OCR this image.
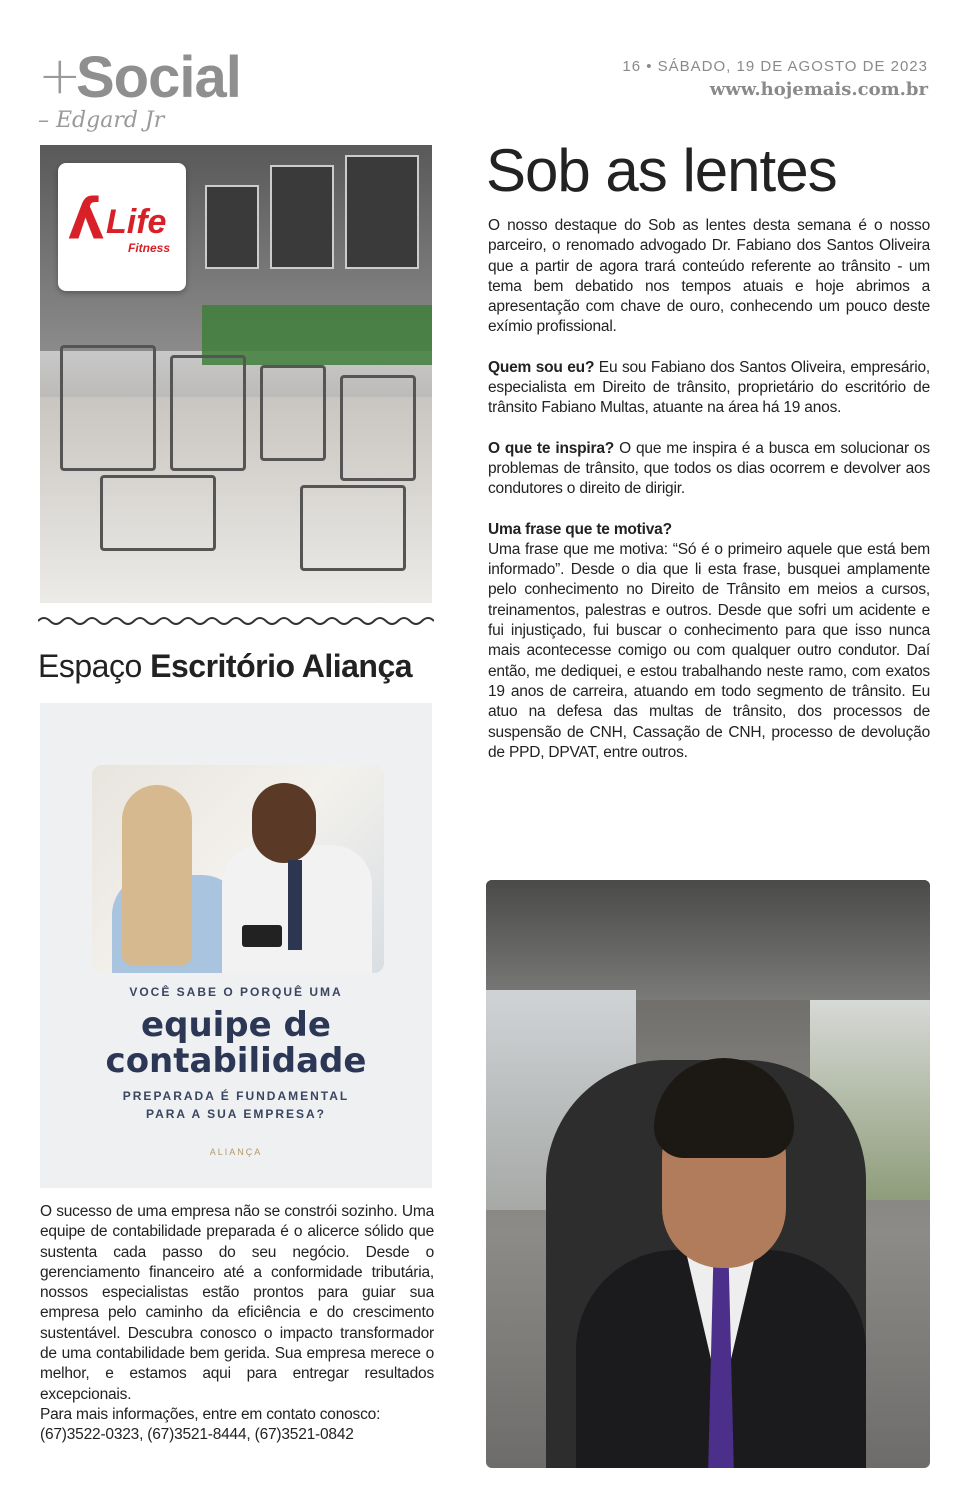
+
Social
– Edgard Jr
16 • SÁBADO, 19 DE AGOSTO DE 2023
www.hojemais.com.br
ʎ Life
Fitness
Espaço Escritório Aliança
VOCÊ SABE O PORQUÊ UMA
equipe de
contabilidade
PREPARADA É FUNDAMENTAL
PARA A SUA EMPRESA?
ALIANÇA

O sucesso de uma empresa não se constrói sozinho. Uma equipe de contabilidade preparada é o alicerce sólido que sustenta cada passo do seu negócio. Desde o gerenciamento financeiro até a conformidade tributária, nossos especialistas estão prontos para guiar sua empresa pelo caminho da eficiência e do crescimento sustentável. Descubra conosco o impacto transformador de uma contabilidade bem gerida. Sua empresa merece o melhor, e estamos aqui para entregar resultados excepcionais.

Para mais informações, entre em contato conosco:

(67)3522-0323, (67)3521-8444, (67)3521-0842

Sob as lentes

O nosso destaque do Sob as lentes desta semana é o nosso parceiro, o renomado advogado Dr. Fabiano dos Santos Oliveira que a partir de agora trará conteúdo referente ao trânsito - um tema bem debatido nos tempos atuais e hoje abrimos a apresentação com chave de ouro, conhecendo um pouco deste exímio profissional.

Quem sou eu? Eu sou Fabiano dos Santos Oliveira, empresário, especialista em Direito de trânsito, proprietário do escritório de trânsito Fabiano Multas, atuante na área há 19 anos.

O que te inspira? O que me inspira é a busca em solucionar os problemas de trânsito, que todos os dias ocorrem e devolver aos condutores o direito de dirigir.

Uma frase que te motiva?
Uma frase que me motiva: “Só é o primeiro aquele que está bem informado”. Desde o dia que li esta frase, busquei amplamente pelo conhecimento no Direito de Trânsito em meios a cursos, treinamentos, palestras e outros. Desde que sofri um acidente e fui injustiçado, fui buscar o conhecimento para que isso nunca mais acontecesse comigo ou com qualquer outro condutor. Daí então, me dediquei, e estou trabalhando neste ramo, com exatos 19 anos de carreira, atuando em todo segmento de trânsito. Eu atuo na defesa das multas de trânsito, dos processos de suspensão de CNH, Cassação de CNH, processo de devolução de PPD, DPVAT, entre outros.
